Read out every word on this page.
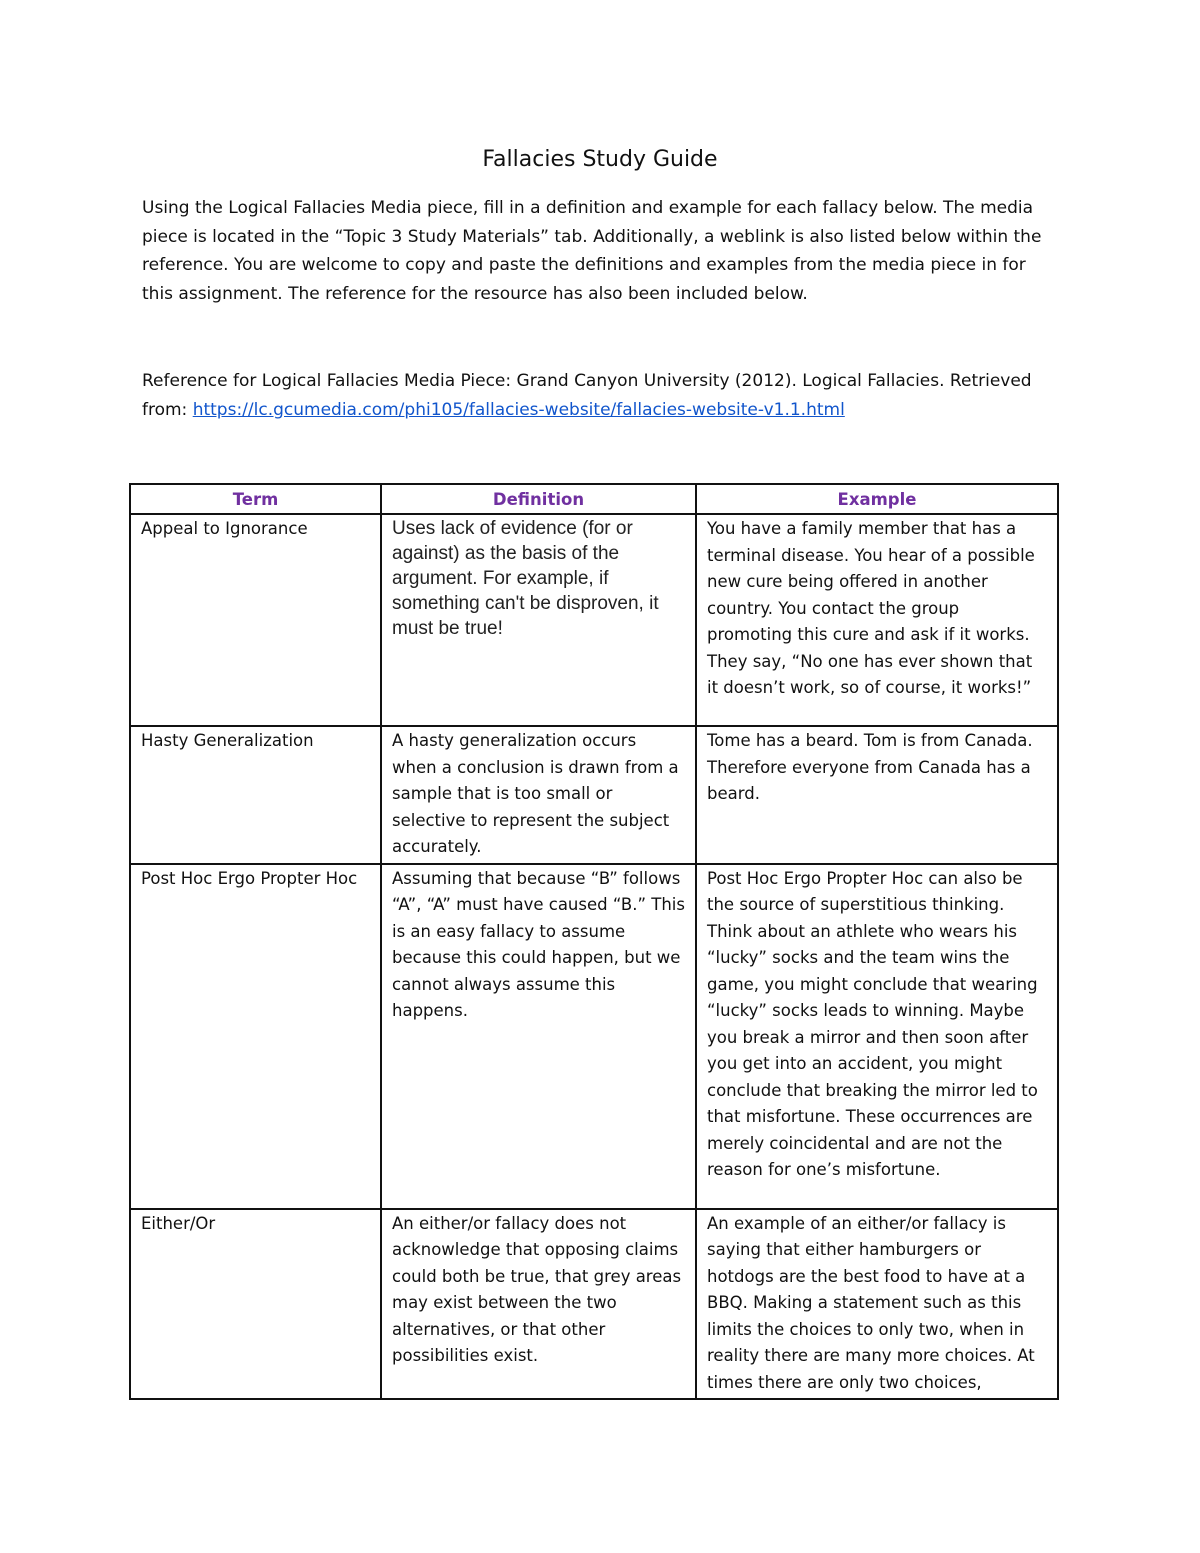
Fallacies Study Guide

Using the Logical Fallacies Media piece, fill in a definition and example for each fallacy below. The media piece is located in the “Topic 3 Study Materials” tab. Additionally, a weblink is also listed below within the reference. You are welcome to copy and paste the definitions and examples from the media piece in for this assignment. The reference for the resource has also been included below.

Reference for Logical Fallacies Media Piece: Grand Canyon University (2012). Logical Fallacies. Retrieved from: https://lc.gcumedia.com/phi105/fallacies-website/fallacies-website-v1.1.html

Term	Definition	Example
Appeal to Ignorance	Uses lack of evidence (for or against) as the basis of the argument. For example, if something can't be disproven, it must be true!	You have a family member that has a terminal disease. You hear of a possible new cure being offered in another country. You contact the group promoting this cure and ask if it works. They say, “No one has ever shown that it doesn’t work, so of course, it works!”
Hasty Generalization	A hasty generalization occurs when a conclusion is drawn from a sample that is too small or selective to represent the subject accurately.	Tome has a beard. Tom is from Canada. Therefore everyone from Canada has a beard.
Post Hoc Ergo Propter Hoc	Assuming that because “B” follows “A”, “A” must have caused “B.” This is an easy fallacy to assume because this could happen, but we cannot always assume this happens.	Post Hoc Ergo Propter Hoc can also be the source of superstitious thinking. Think about an athlete who wears his “lucky” socks and the team wins the game, you might conclude that wearing “lucky” socks leads to winning. Maybe you break a mirror and then soon after you get into an accident, you might conclude that breaking the mirror led to that misfortune. These occurrences are merely coincidental and are not the reason for one’s misfortune.
Either/Or	An either/or fallacy does not acknowledge that opposing claims could both be true, that grey areas may exist between the two alternatives, or that other possibilities exist.	An example of an either/or fallacy is saying that either hamburgers or hotdogs are the best food to have at a BBQ. Making a statement such as this limits the choices to only two, when in reality there are many more choices. At times there are only two choices,
